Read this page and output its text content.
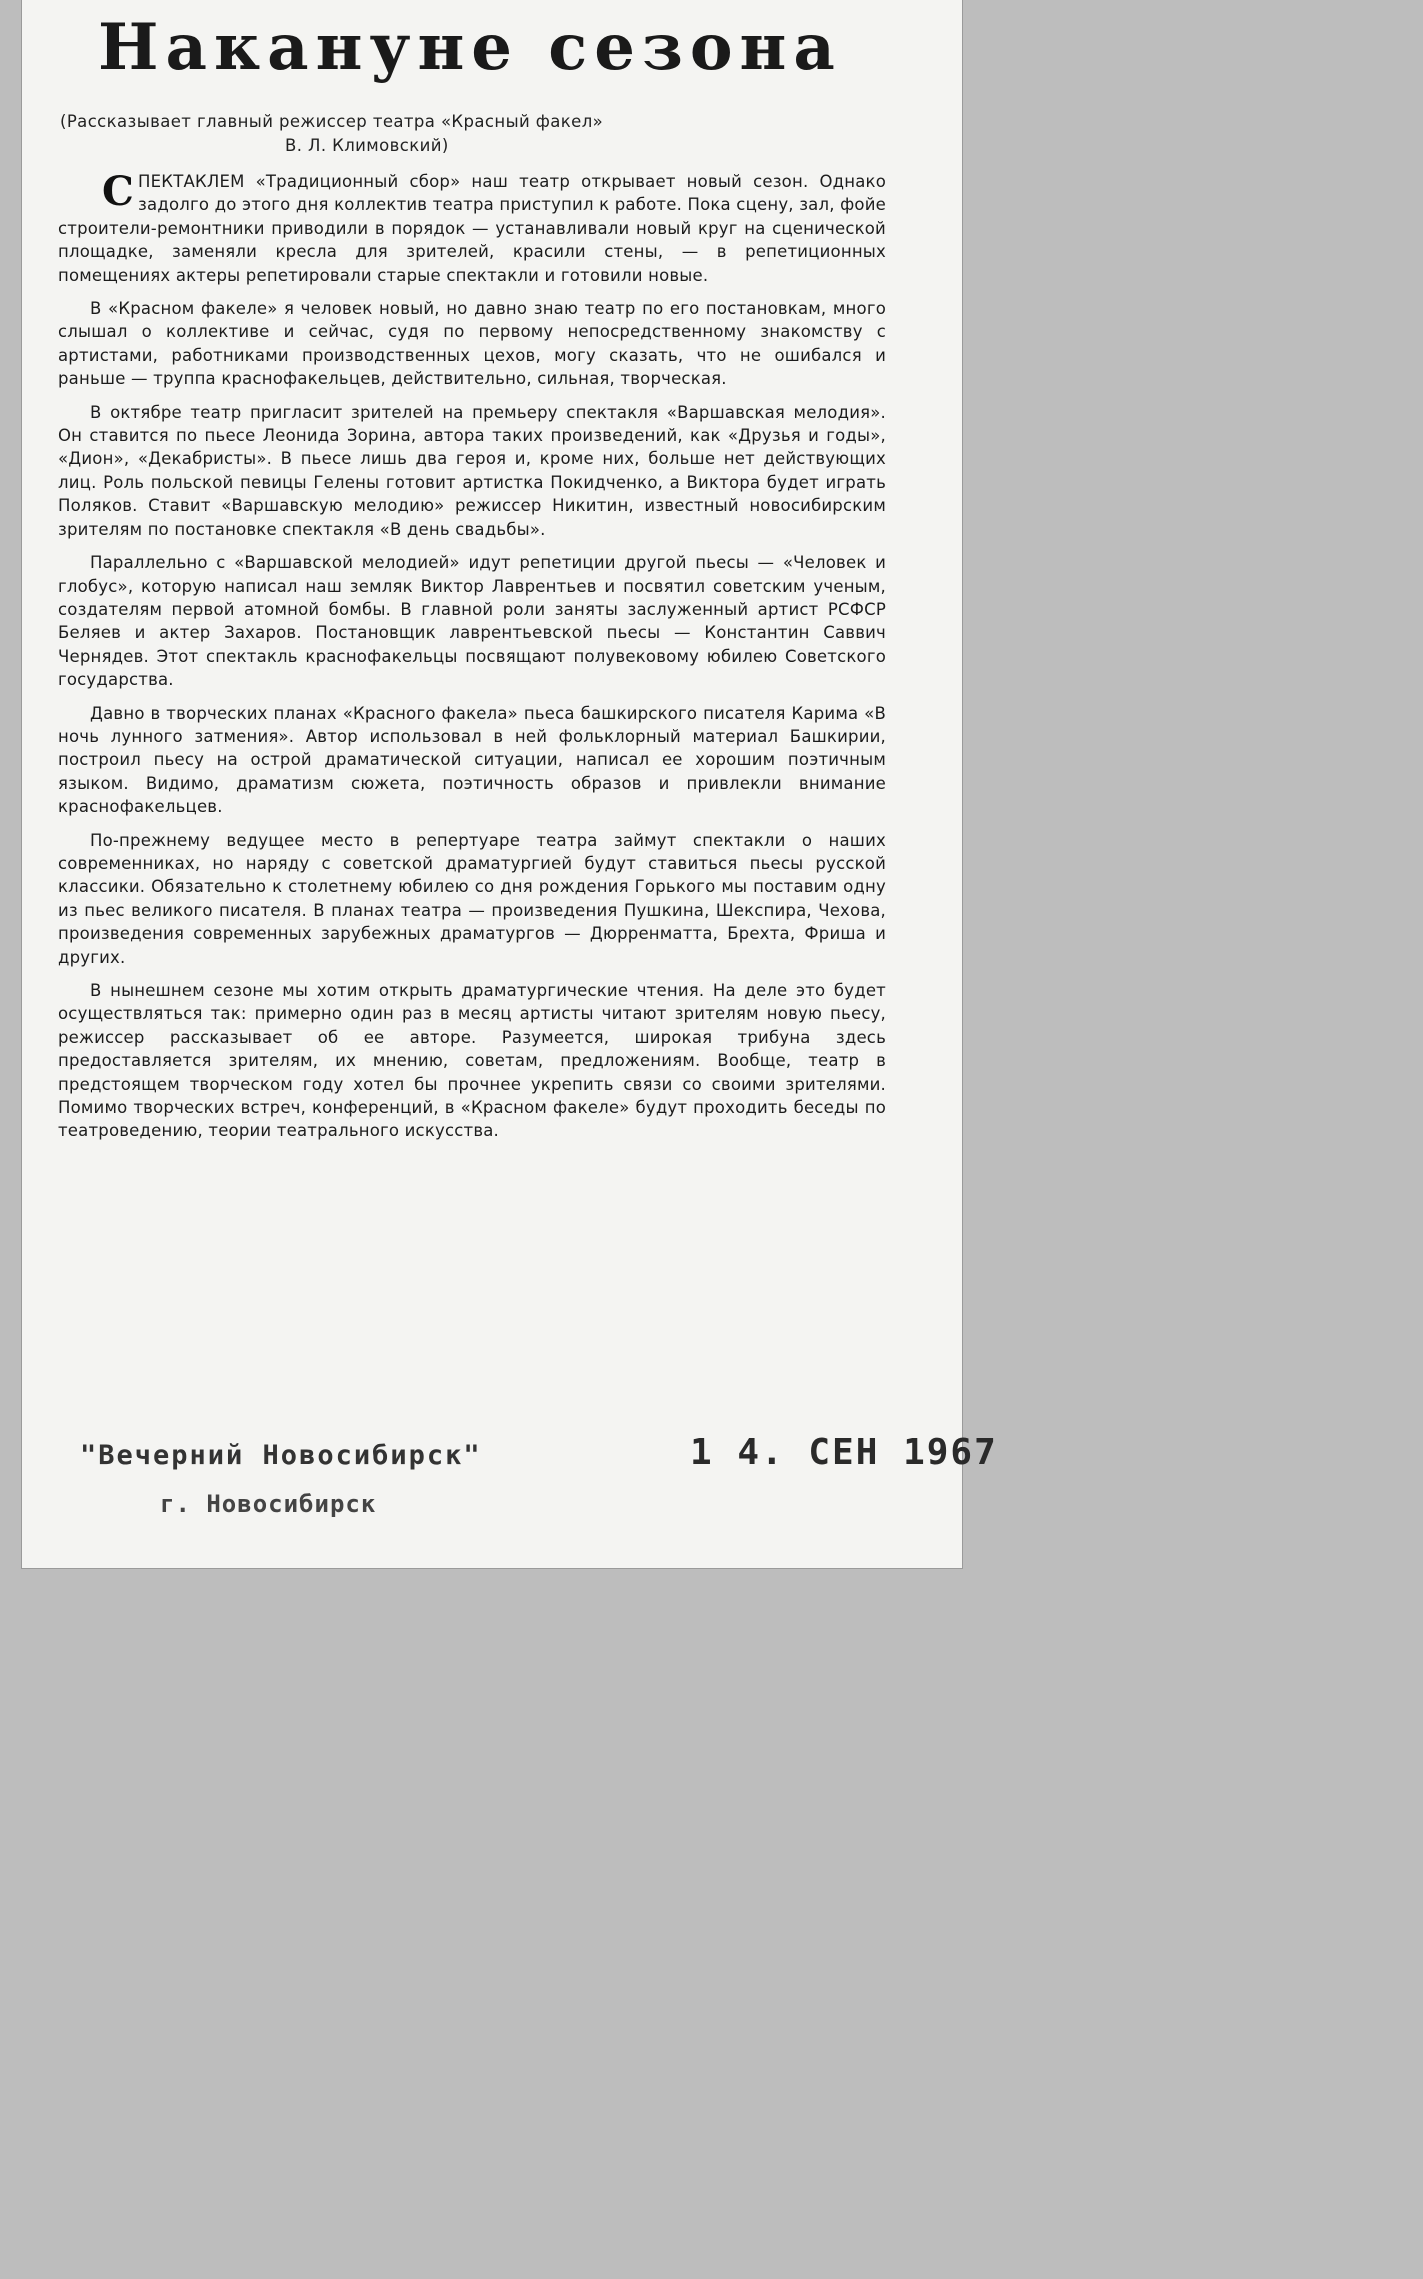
Накануне сезона
(Рассказывает главный режиссер театра «Красный факел»
В. Л. Климовский)

СПЕКТАКЛЕМ «Традиционный сбор» наш театр открывает новый сезон. Однако задолго до этого дня коллектив театра приступил к работе. Пока сцену, зал, фойе строители-ремонтники приводили в порядок — устанавливали новый круг на сценической площадке, заменяли кресла для зрителей, красили стены, — в репетиционных помещениях актеры репетировали старые спектакли и готовили новые.

В «Красном факеле» я человек новый, но давно знаю театр по его постановкам, много слышал о коллективе и сейчас, судя по первому непосредственному знакомству с артистами, работниками производственных цехов, могу сказать, что не ошибался и раньше — труппа краснофакельцев, действительно, сильная, творческая.

В октябре театр пригласит зрителей на премьеру спектакля «Варшавская мелодия». Он ставится по пьесе Леонида Зорина, автора таких произведений, как «Друзья и годы», «Дион», «Декабристы». В пьесе лишь два героя и, кроме них, больше нет действующих лиц. Роль польской певицы Гелены готовит артистка Покидченко, а Виктора будет играть Поляков. Ставит «Варшавскую мелодию» режиссер Никитин, известный новосибирским зрителям по постановке спектакля «В день свадьбы».

Параллельно с «Варшавской мелодией» идут репетиции другой пьесы — «Человек и глобус», которую написал наш земляк Виктор Лаврентьев и посвятил советским ученым, создателям первой атомной бомбы. В главной роли заняты заслуженный артист РСФСР Беляев и актер Захаров. Постановщик лаврентьевской пьесы — Константин Саввич Чернядев. Этот спектакль краснофакельцы посвящают полувековому юбилею Советского государства.

Давно в творческих планах «Красного факела» пьеса башкирского писателя Карима «В ночь лунного затмения». Автор использовал в ней фольклорный материал Башкирии, построил пьесу на острой драматической ситуации, написал ее хорошим поэтичным языком. Видимо, драматизм сюжета, поэтичность образов и привлекли внимание краснофакельцев.

По-прежнему ведущее место в репертуаре театра займут спектакли о наших современниках, но наряду с советской драматургией будут ставиться пьесы русской классики. Обязательно к столетнему юбилею со дня рождения Горького мы поставим одну из пьес великого писателя. В планах театра — произведения Пушкина, Шекспира, Чехова, произведения современных зарубежных драматургов — Дюрренматта, Брехта, Фриша и других.

В нынешнем сезоне мы хотим открыть драматургические чтения. На деле это будет осуществляться так: примерно один раз в месяц артисты читают зрителям новую пьесу, режиссер рассказывает об ее авторе. Разумеется, широкая трибуна здесь предоставляется зрителям, их мнению, советам, предложениям. Вообще, театр в предстоящем творческом году хотел бы прочнее укрепить связи со своими зрителями. Помимо творческих встреч, конференций, в «Красном факеле» будут проходить беседы по театроведению, теории театрального искусства.

"Вечерний Новосибирск"
г. Новосибирск
1 4. СЕН 1967
